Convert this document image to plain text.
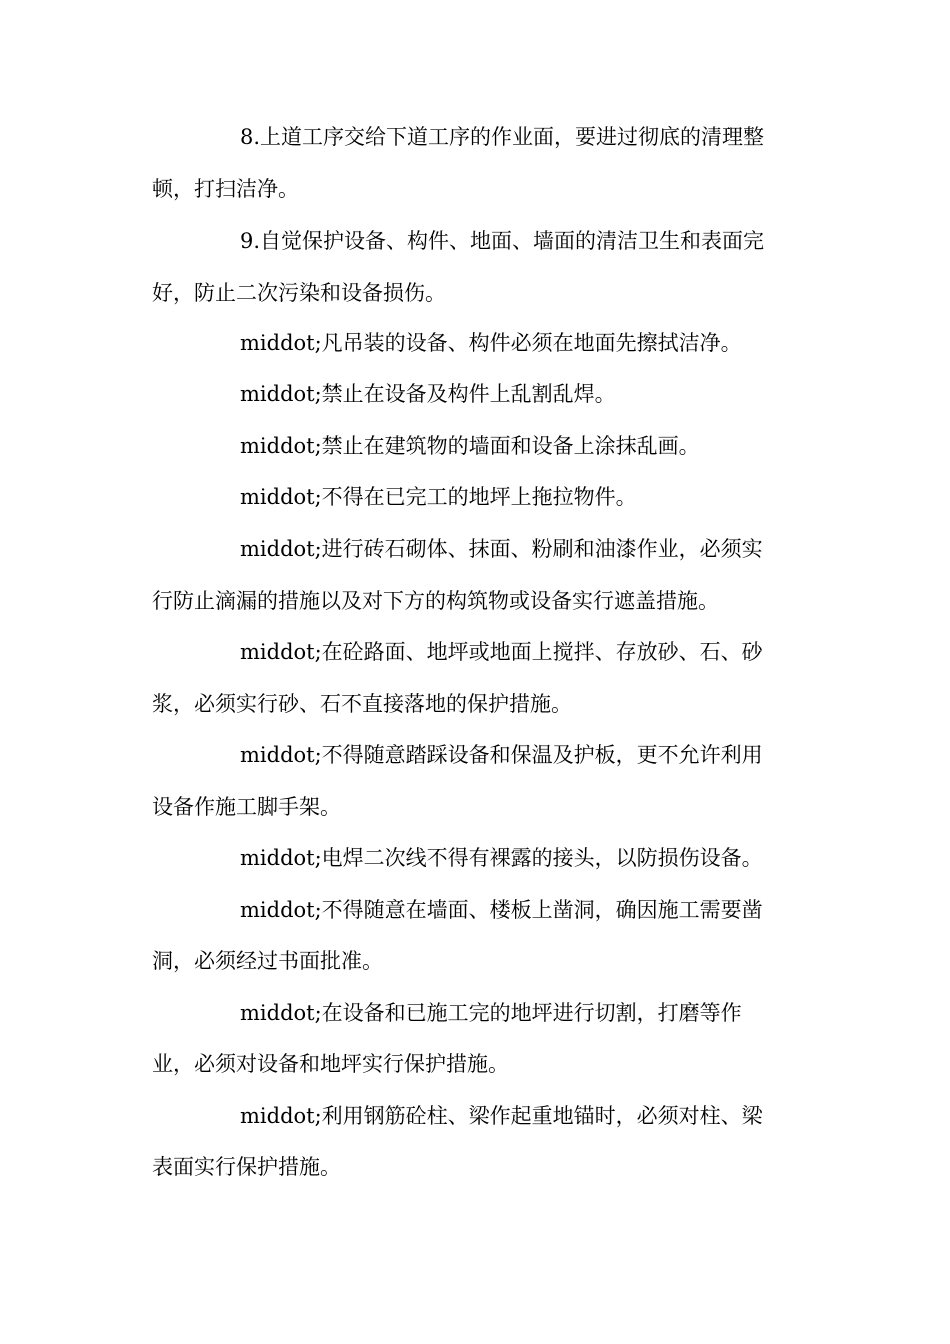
8.上道工序交给下道工序的作业面，要进过彻底的清理整
顿，打扫洁净。
9.自觉保护设备、构件、地面、墙面的清洁卫生和表面完
好，防止二次污染和设备损伤。
middot;凡吊装的设备、构件必须在地面先擦拭洁净。
middot;禁止在设备及构件上乱割乱焊。
middot;禁止在建筑物的墙面和设备上涂抹乱画。
middot;不得在已完工的地坪上拖拉物件。
middot;进行砖石砌体、抹面、粉刷和油漆作业，必须实
行防止滴漏的措施以及对下方的构筑物或设备实行遮盖措施。
middot;在砼路面、地坪或地面上搅拌、存放砂、石、砂
浆，必须实行砂、石不直接落地的保护措施。
middot;不得随意踏踩设备和保温及护板，更不允许利用
设备作施工脚手架。
middot;电焊二次线不得有裸露的接头，以防损伤设备。
middot;不得随意在墙面、楼板上凿洞，确因施工需要凿
洞，必须经过书面批准。
middot;在设备和已施工完的地坪进行切割，打磨等作
业，必须对设备和地坪实行保护措施。
middot;利用钢筋砼柱、梁作起重地锚时，必须对柱、梁
表面实行保护措施。
